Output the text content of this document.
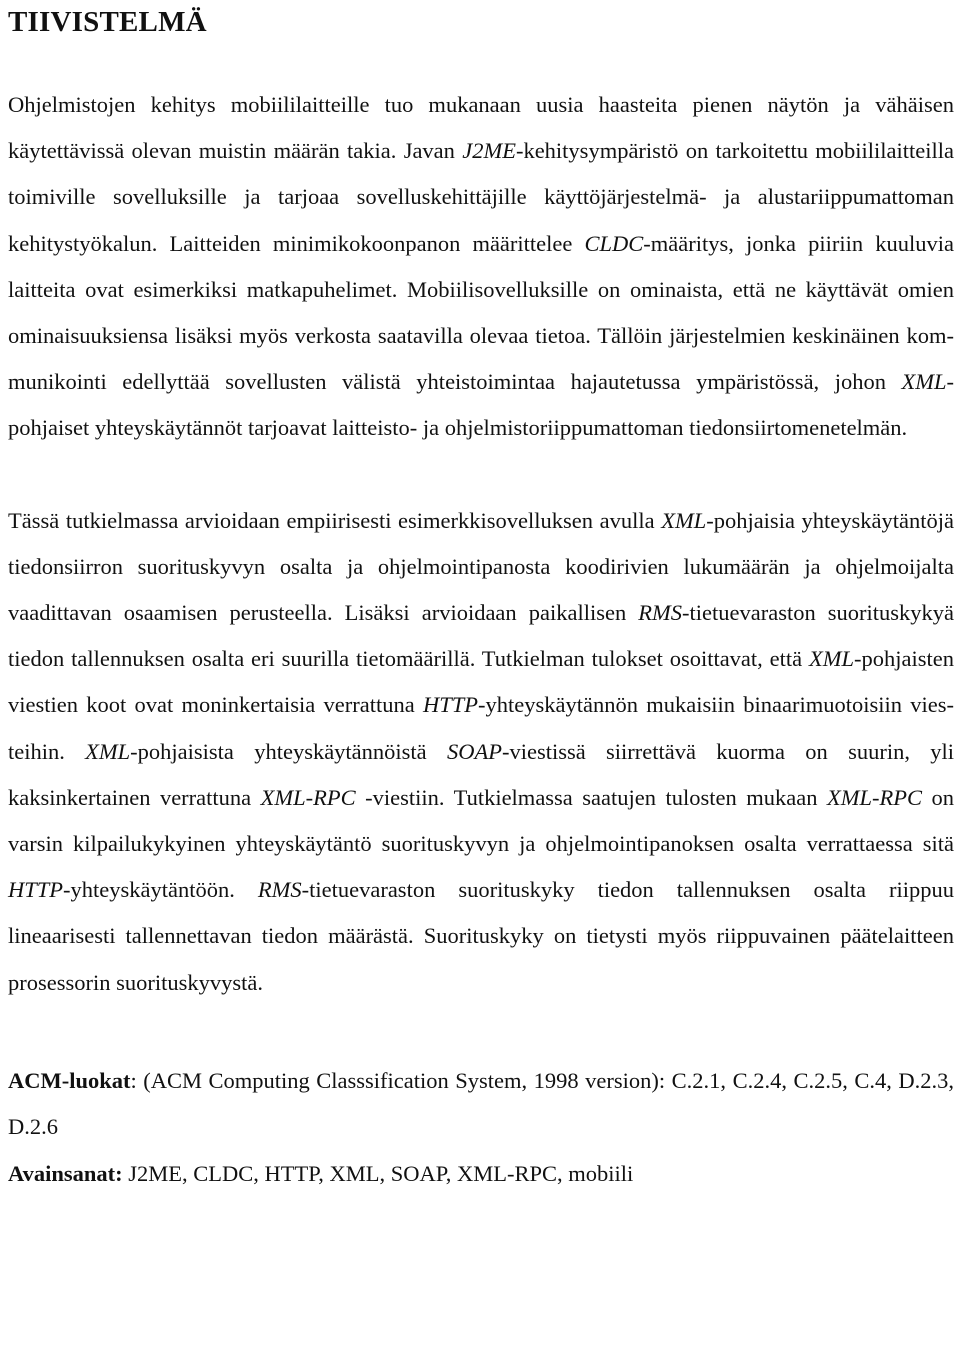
TIIVISTELMÄ

Ohjelmistojen kehitys mobiililaitteille tuo mukanaan uusia haasteita pienen näytön ja vähäisen käytettävissä olevan muistin määrän takia. Javan J2ME-kehitysympäristö on tarkoitettu mobiililaitteilla toimiville sovelluksille ja tarjoaa sovelluskehittäjille käyttöjärjestelmä- ja alustariippumattoman kehitystyökalun. Laitteiden minimikokoonpanon määrittelee CLDC-määritys, jonka piiriin kuuluvia laitteita ovat esimerkiksi matkapuhelimet. Mobiilisovelluksille on ominaista, että ne käyttävät omien ominaisuuksiensa lisäksi myös verkosta saatavilla olevaa tietoa. Tällöin järjestelmien keskinäinen kommunikointi edellyttää sovellusten välistä yhteistoimintaa hajautetussa ympäristössä, johon XML-pohjaiset yhteyskäytännöt tarjoavat laitteisto- ja ohjelmistoriippumattoman tiedonsiirtomenetelmän.

Tässä tutkielmassa arvioidaan empiirisesti esimerkkisovelluksen avulla XML-pohjaisia yhteyskäytäntöjä tiedonsiirron suorituskyvyn osalta ja ohjelmointipanosta koodirivien lukumäärän ja ohjelmoijalta vaadittavan osaamisen perusteella. Lisäksi arvioidaan paikallisen RMS-tietuevaraston suorituskykyä tiedon tallennuksen osalta eri suurilla tietomäärillä. Tutkielman tulokset osoittavat, että XML-pohjaisten viestien koot ovat moninkertaisia verrattuna HTTP-yhteyskäytännön mukaisiin binaarimuotoisiin viesteihin. XML-pohjaisista yhteyskäytännöistä SOAP-viestissä siirrettävä kuorma on suurin, yli kaksinkertainen verrattuna XML-RPC -viestiin. Tutkielmassa saatujen tulosten mukaan XML-RPC on varsin kilpailukykyinen yhteyskäytäntö suorituskyvyn ja ohjelmointipanoksen osalta verrattaessa sitä HTTP-yhteyskäytäntöön. RMS-tietuevaraston suorituskyky tiedon tallennuksen osalta riippuu lineaarisesti tallennettavan tiedon määrästä. Suorituskyky on tietysti myös riippuvainen päätelaitteen prosessorin suorituskyvystä.

ACM-luokat: (ACM Computing Classsification System, 1998 version): C.2.1, C.2.4, C.2.5, C.4, D.2.3, D.2.6

Avainsanat: J2ME, CLDC, HTTP, XML, SOAP, XML-RPC, mobiili
